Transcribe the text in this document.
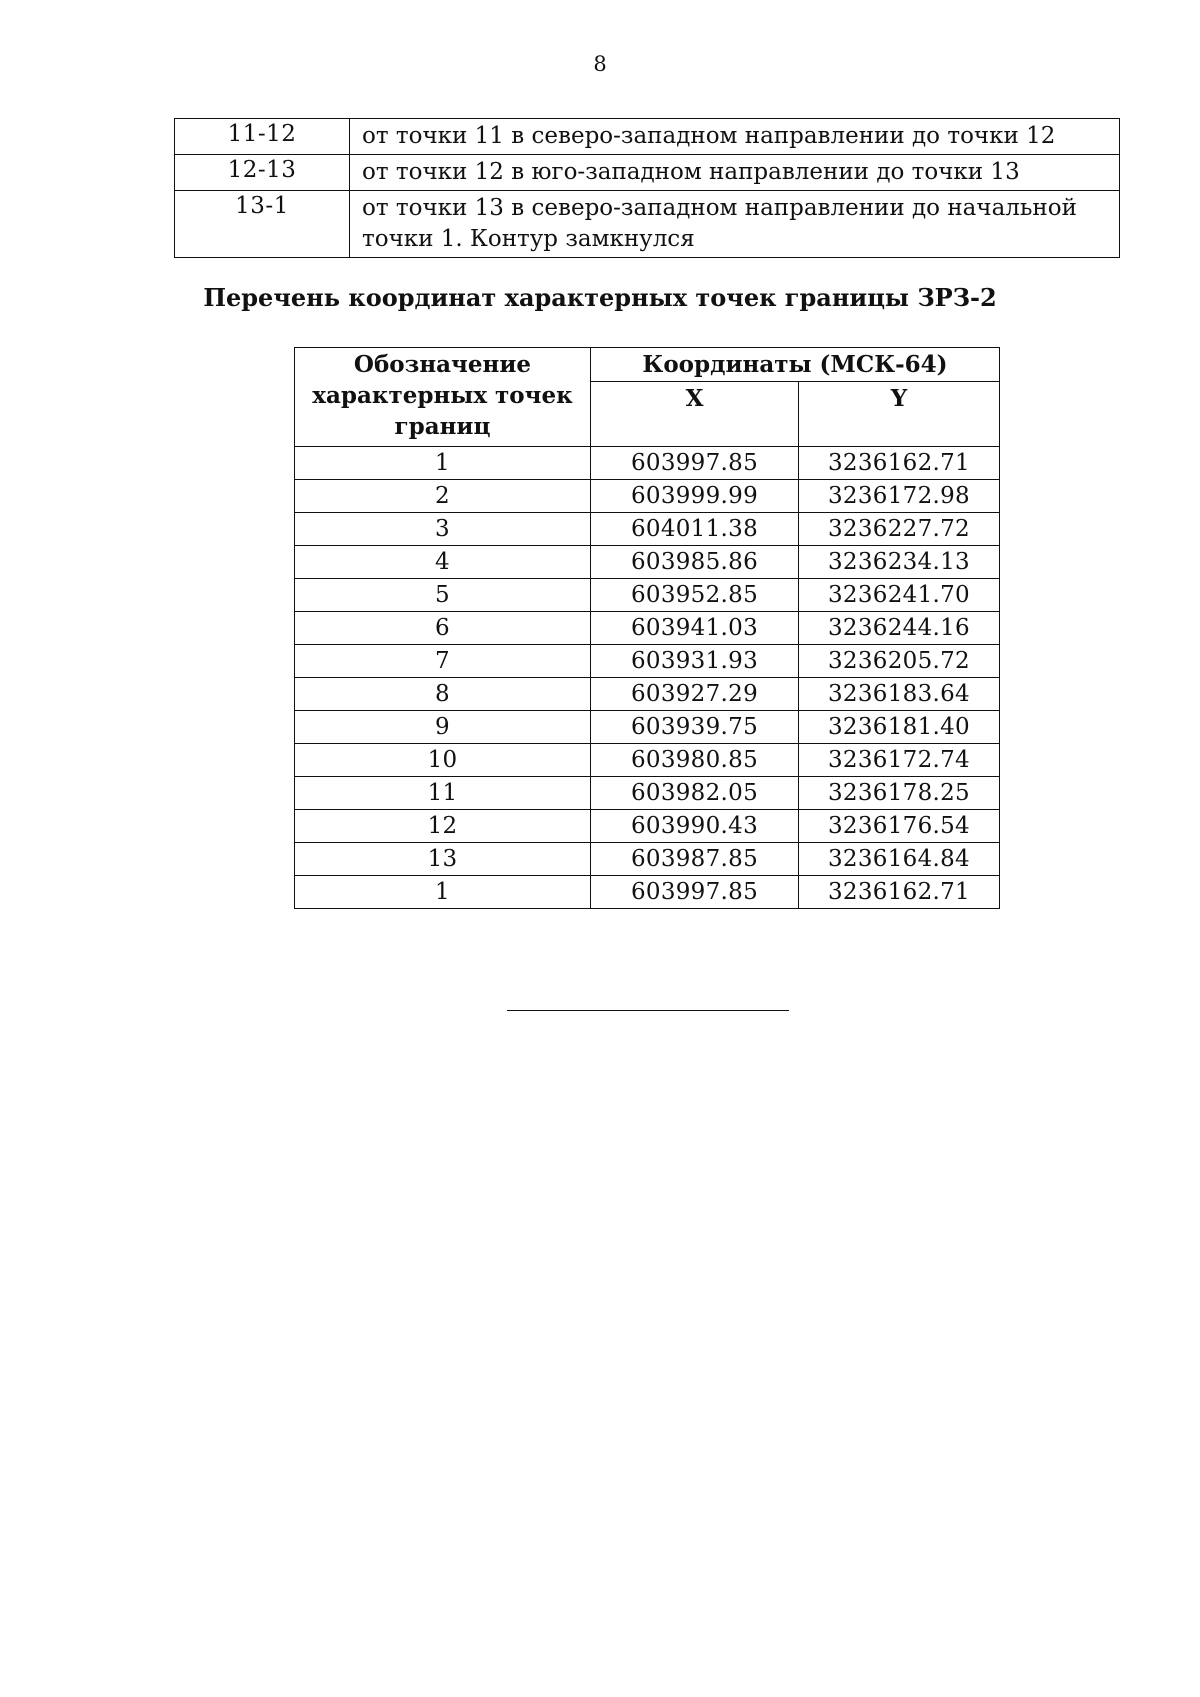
8
11-12	от точки 11 в северо-западном направлении до точки 12
12-13	от точки 12 в юго-западном направлении до точки 13
13-1	от точки 13 в северо-западном направлении до начальной точки 1. Контур замкнулся
Перечень координат характерных точек границы ЗРЗ-2
Обозначение характерных точек границ	Координаты (МСК-64)	
	X	Y
1	603997.85	3236162.71
2	603999.99	3236172.98
3	604011.38	3236227.72
4	603985.86	3236234.13
5	603952.85	3236241.70
6	603941.03	3236244.16
7	603931.93	3236205.72
8	603927.29	3236183.64
9	603939.75	3236181.40
10	603980.85	3236172.74
11	603982.05	3236178.25
12	603990.43	3236176.54
13	603987.85	3236164.84
1	603997.85	3236162.71
